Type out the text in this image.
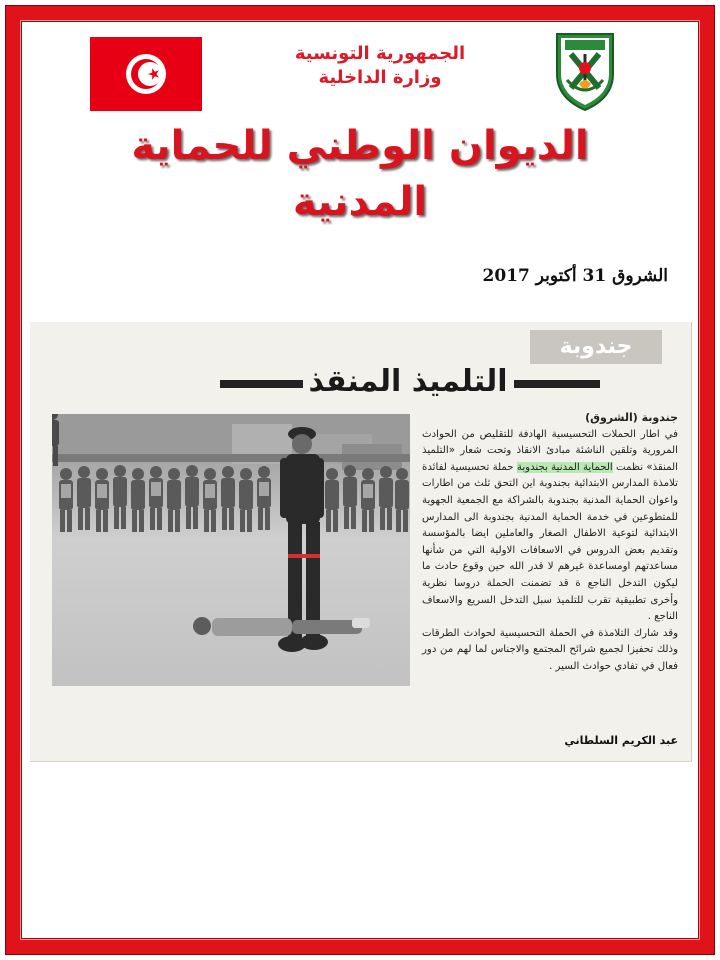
الجمهورية التونسية
وزارة الداخلية
الديوان الوطني للحماية المدنية
الشروق 31 أكتوبر 2017
جندوبة
التلميذ المنقذ

جندوبة (الشروق)

في اطار الحملات التحسيسية الهادفة للتقليص من الحوادث المرورية وتلقين الناشئة مبادئ الانقاذ وتحت شعار «التلميذ المنقذ» نظمت الحماية المدنية بجندوبة حملة تحسيسية لفائدة تلامذة المدارس الابتدائية بجندوبة اين التحق ثلث من اطارات واعوان الحماية المدنية بجندوبة بالشراكة مع الجمعية الجهوية للمتطوعين في خدمة الحماية المدنية بجندوبة الى المدارس الابتدائية لتوعية الاطفال الصغار والعاملين ايضا بالمؤسسة وتقديم بعض الدروس في الاسعافات الاولية التي من شأنها مساعدتهم اومساعدة غيرهم لا قدر الله حين وقوع حادث ما ليكون التدخل الناجع ة قد تضمنت الحملة دروسا نظرية وأخرى تطبيقية تقرب للتلميذ سبل التدخل السريع والاسعاف الناجع .

وقد شارك التلامذة في الحملة التحسيسية لحوادث الطرقات وذلك تحفيزا لجميع شرائح المجتمع والاجناس لما لهم من دور فعال في تفادي حوادث السير .

عبد الكريم السلطاني
